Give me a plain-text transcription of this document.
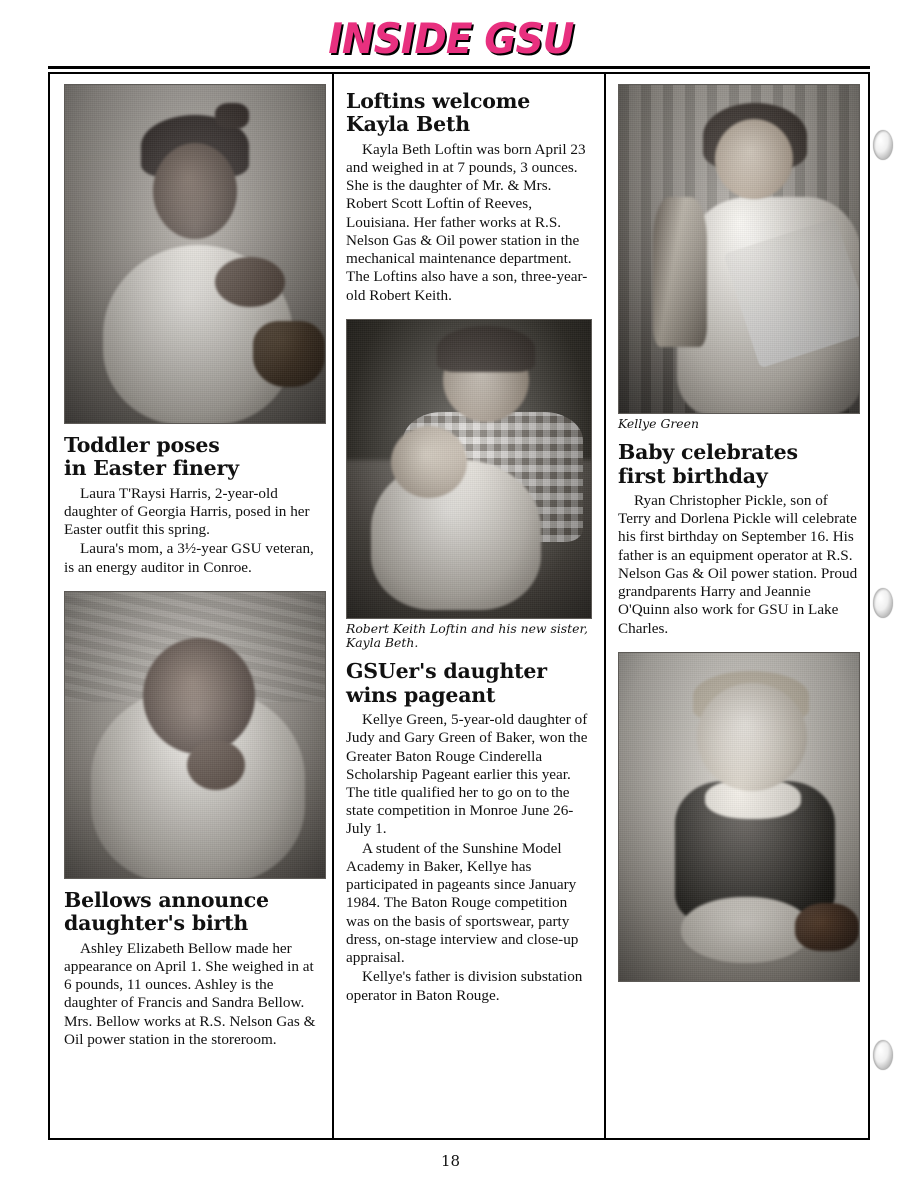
INSIDE GSU
Toddler poses
in Easter finery

Laura T'Raysi Harris, 2-year-old daughter of Georgia Harris, posed in her Easter outfit this spring.

Laura's mom, a 3½-year GSU veteran, is an energy auditor in Conroe.

Bellows announce
daughter's birth

Ashley Elizabeth Bellow made her appearance on April 1. She weighed in at 6 pounds, 11 ounces. Ashley is the daughter of Francis and Sandra Bellow. Mrs. Bellow works at R.S. Nelson Gas & Oil power station in the storeroom.

Loftins welcome
Kayla Beth

Kayla Beth Loftin was born April 23 and weighed in at 7 pounds, 3 ounces. She is the daughter of Mr. & Mrs. Robert Scott Loftin of Reeves, Louisiana. Her father works at R.S. Nelson Gas & Oil power station in the mechanical maintenance department. The Loftins also have a son, three-year-old Robert Keith.

Robert Keith Loftin and his new sister, Kayla Beth.

GSUer's daughter
wins pageant

Kellye Green, 5-year-old daughter of Judy and Gary Green of Baker, won the Greater Baton Rouge Cinderella Scholarship Pageant earlier this year. The title qualified her to go on to the state competition in Monroe June 26-July 1.

A student of the Sunshine Model Academy in Baker, Kellye has participated in pageants since January 1984. The Baton Rouge competition was on the basis of sportswear, party dress, on-stage interview and close-up appraisal.

Kellye's father is division substation operator in Baton Rouge.

Kellye Green

Baby celebrates
first birthday

Ryan Christopher Pickle, son of Terry and Dorlena Pickle will celebrate his first birthday on September 16. His father is an equipment operator at R.S. Nelson Gas & Oil power station. Proud grandparents Harry and Jeannie O'Quinn also work for GSU in Lake Charles.

18
